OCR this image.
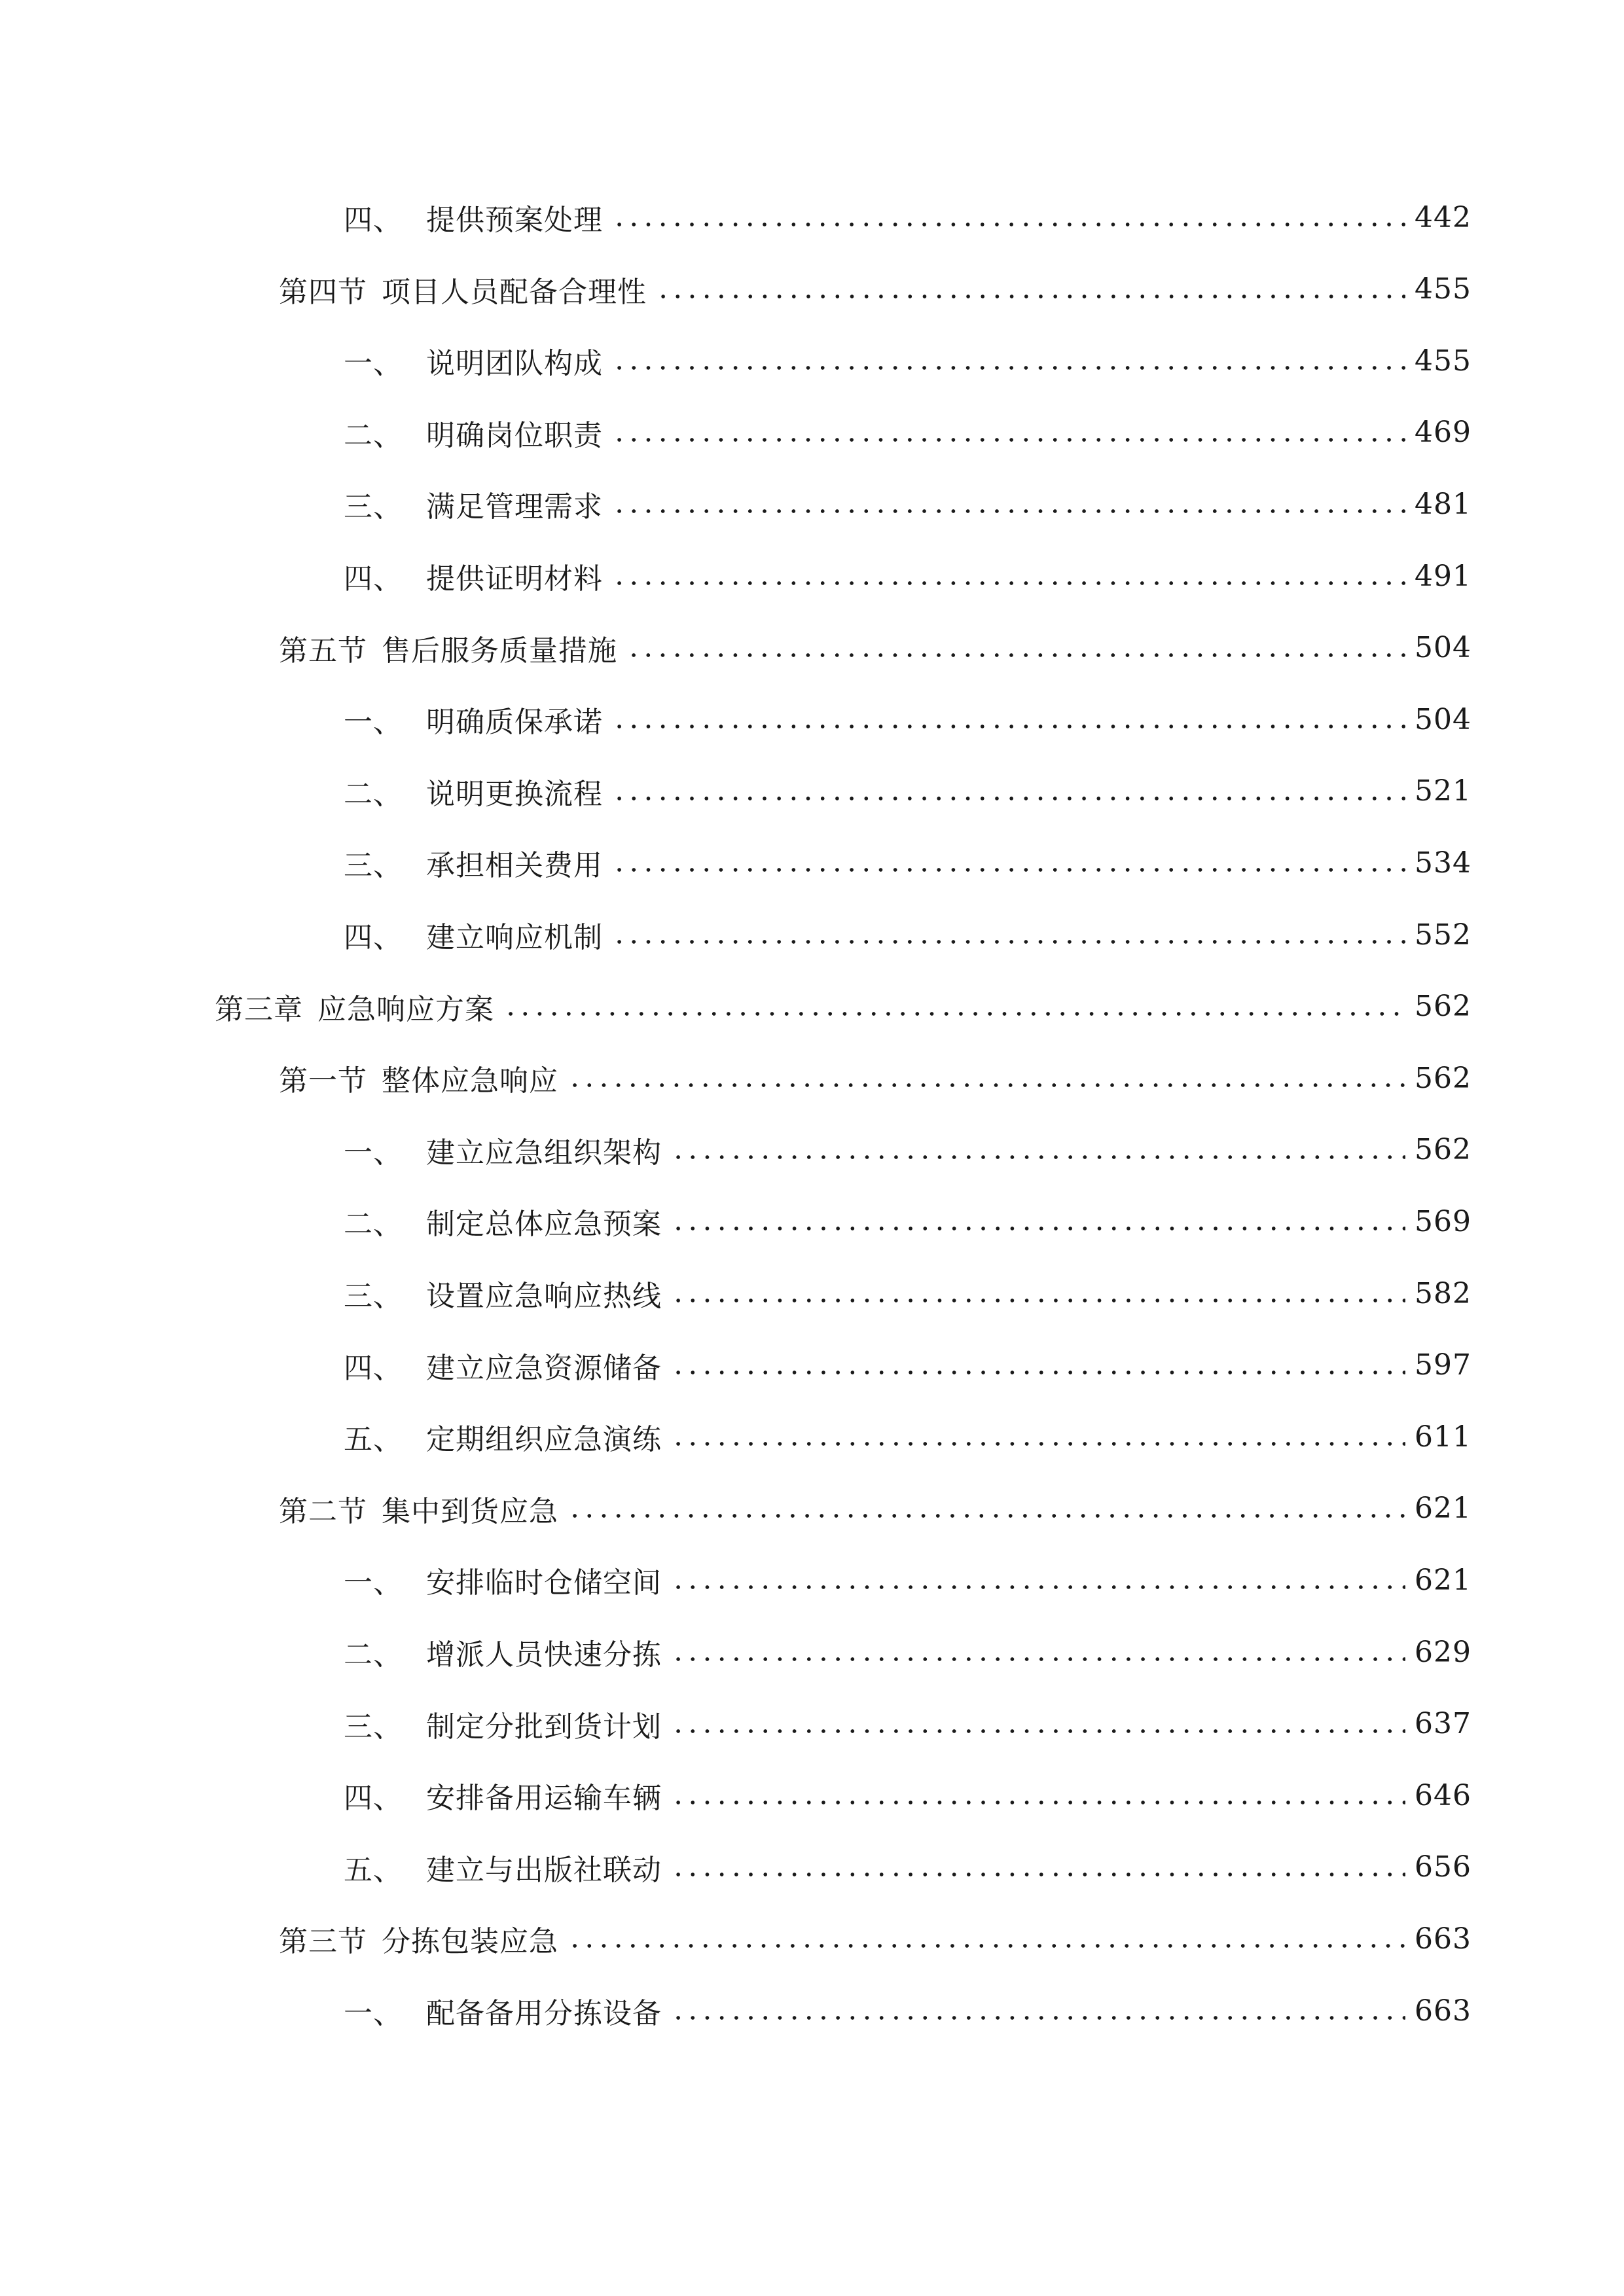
四、 提供预案处理	442
第四节 项目人员配备合理性	455
一、 说明团队构成	455
二、 明确岗位职责	469
三、 满足管理需求	481
四、 提供证明材料	491
第五节 售后服务质量措施	504
一、 明确质保承诺	504
二、 说明更换流程	521
三、 承担相关费用	534
四、 建立响应机制	552
第三章 应急响应方案	562
第一节 整体应急响应	562
一、 建立应急组织架构	562
二、 制定总体应急预案	569
三、 设置应急响应热线	582
四、 建立应急资源储备	597
五、 定期组织应急演练	611
第二节 集中到货应急	621
一、 安排临时仓储空间	621
二、 增派人员快速分拣	629
三、 制定分批到货计划	637
四、 安排备用运输车辆	646
五、 建立与出版社联动	656
第三节 分拣包装应急	663
一、 配备备用分拣设备	663
